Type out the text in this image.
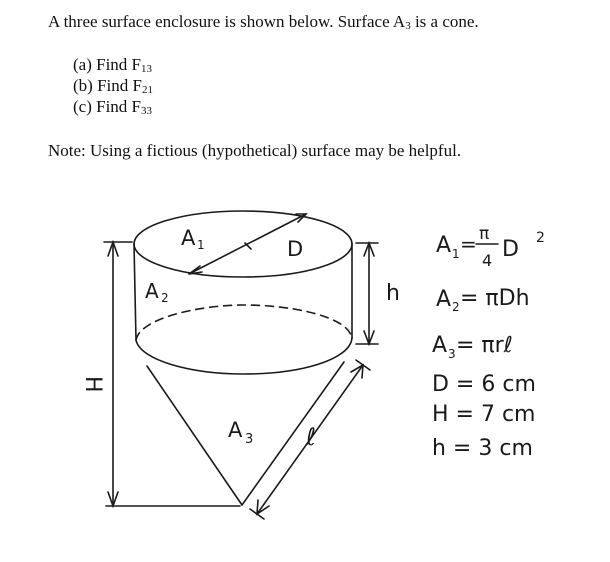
A three surface enclosure is shown below. Surface A3 is a cone.
(a) Find F13
(b) Find F21
(c) Find F33
Note: Using a fictious (hypothetical) surface may be helpful.
A 1	D
A 2
A 3
h
H
ℓ
A 1 = π
4 D 2
A 2 = πDh
A 3 = πrℓ
D = 6 cm
H = 7 cm
h = 3 cm
